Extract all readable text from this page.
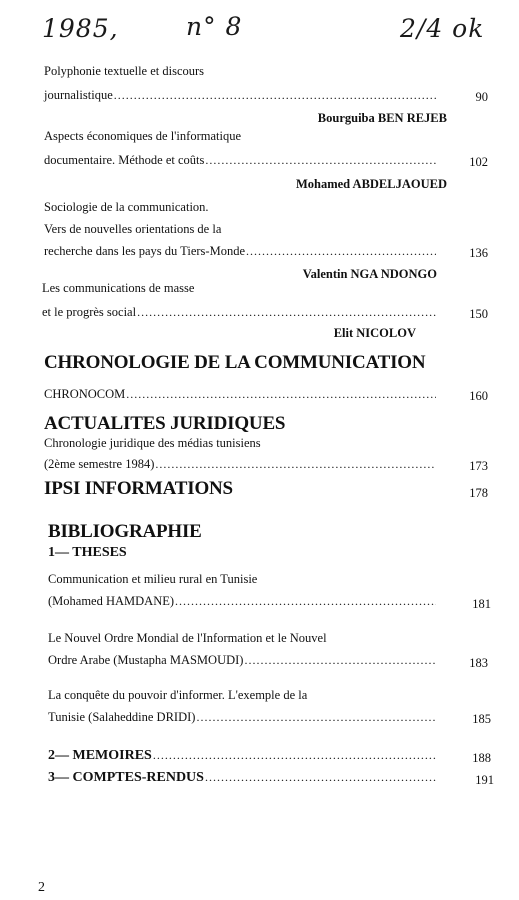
1985,	n° 8	2/4 ok
Polyphonie textuelle et discours
journalistique .....	90
Bourguiba BEN REJEB
Aspects économiques de l'informatique
documentaire. Méthode et coûts .....	102
Mohamed ABDELJAOUED
Sociologie de la communication.
Vers de nouvelles orientations de la
recherche dans les pays du Tiers-Monde .....	136
Valentin NGA NDONGO
Les communications de masse
et le progrès social .....	150
Elit NICOLOV
CHRONOLOGIE DE LA COMMUNICATION
CHRONOCOM .....	160
ACTUALITES JURIDIQUES
Chronologie juridique des médias tunisiens
(2ème semestre 1984) .....	173
IPSI INFORMATIONS	178
BIBLIOGRAPHIE
1— THESES
Communication et milieu rural en Tunisie
(Mohamed HAMDANE) .....	181
Le Nouvel Ordre Mondial de l'Information et le Nouvel
Ordre Arabe (Mustapha MASMOUDI) .....	183
La conquête du pouvoir d'informer. L'exemple de la
Tunisie (Salaheddine DRIDI) .....	185
2— MEMOIRES .....	188
3— COMPTES-RENDUS .....	191
2
